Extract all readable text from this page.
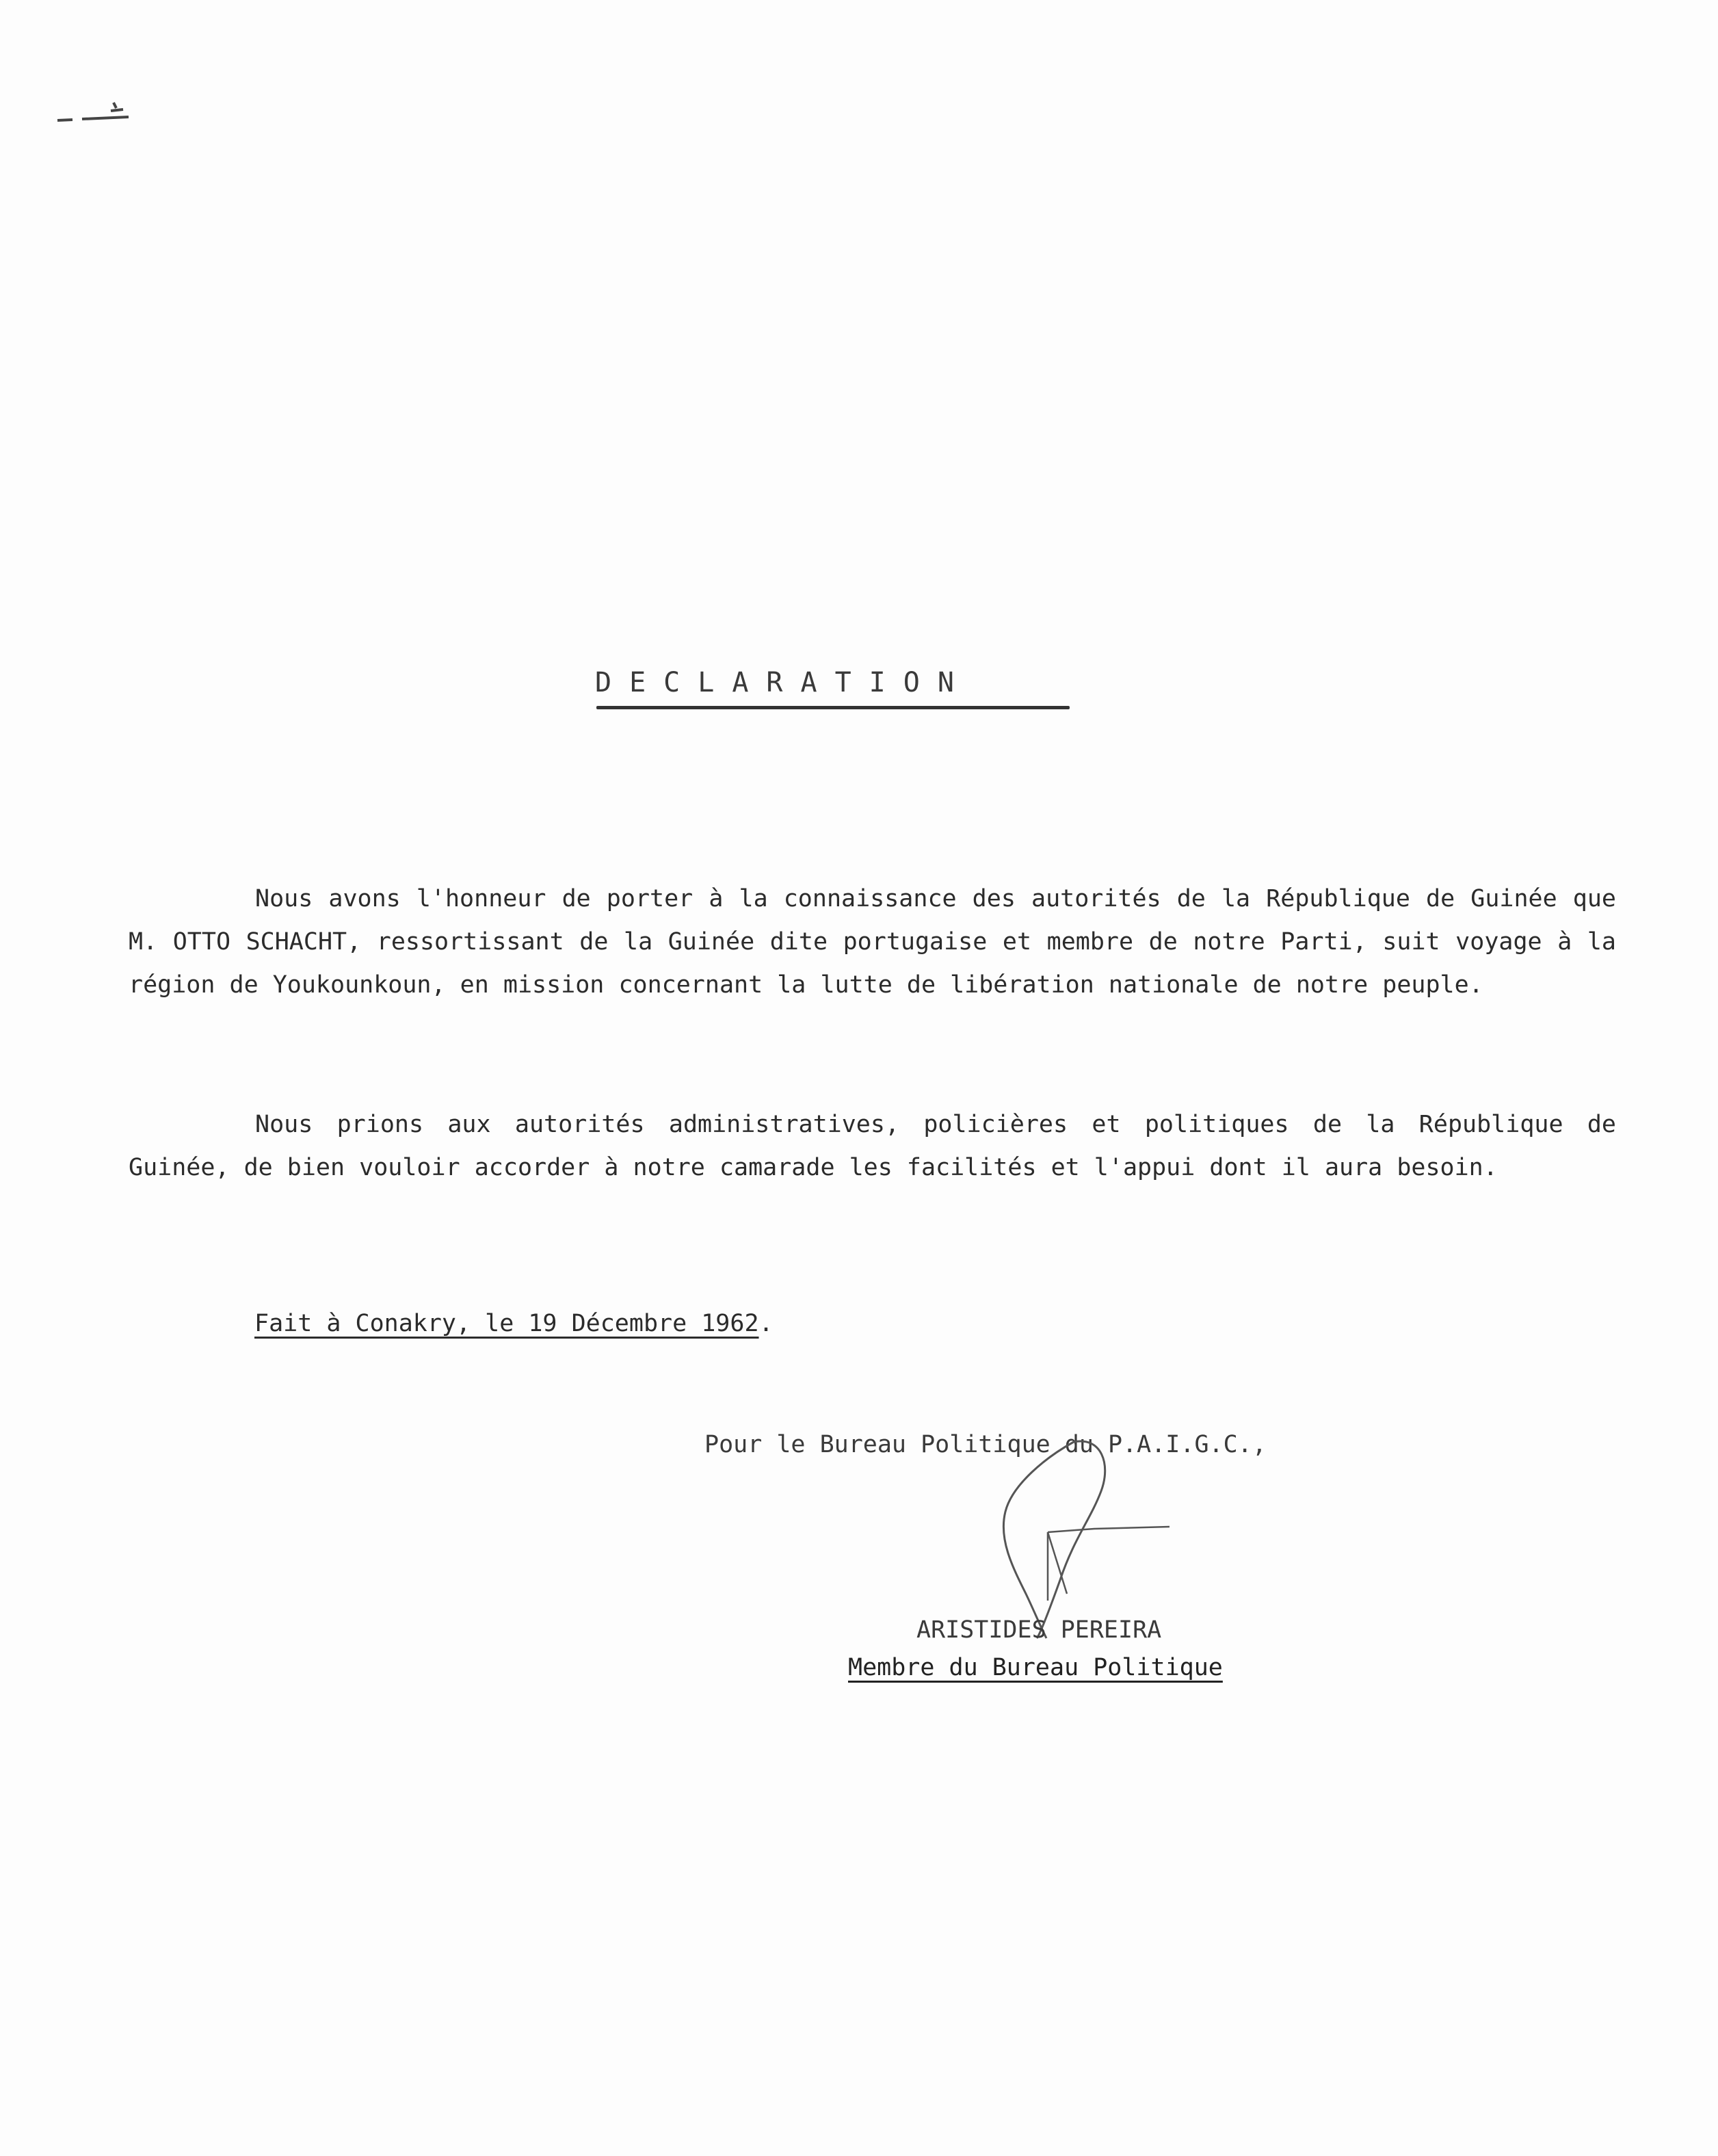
DECLARATION

Nous avons l'honneur de porter à la connaissance des autorités de la République de Guinée que M. OTTO SCHACHT, ressortissant de la Guinée dite portugaise et membre de notre Parti, suit voyage à la région de Youkounkoun, en mission concernant la lutte de libération nationale de notre peuple.

Nous prions aux autorités administratives, policières et politiques de la République de Guinée, de bien vouloir accorder à notre camarade les facilités et l'appui dont il aura besoin.

Fait à Conakry, le 19 Décembre 1962.
Pour le Bureau Politique du P.A.I.G.C.,
ARISTIDES PEREIRA
Membre du Bureau Politique
